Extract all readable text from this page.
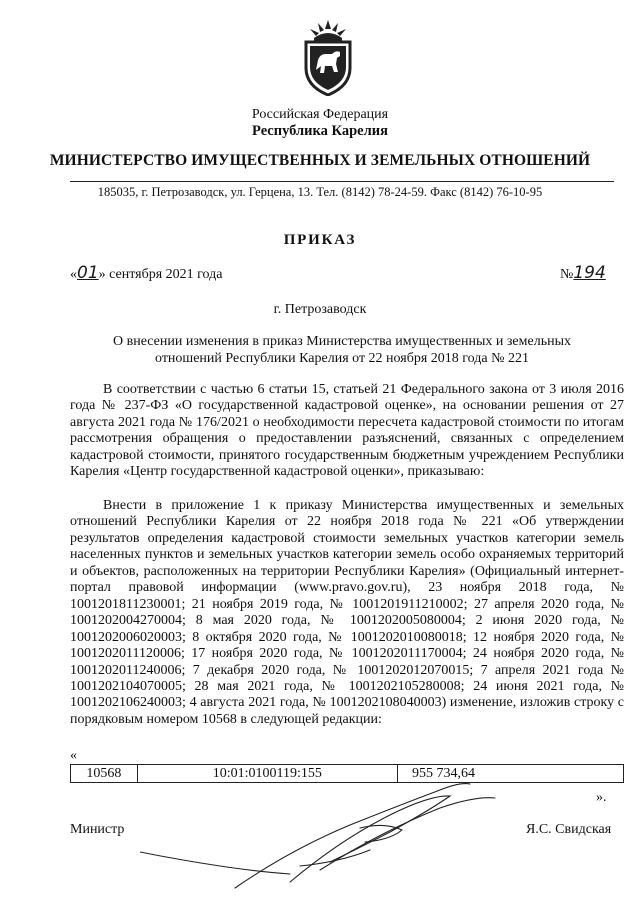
Российская Федерация
Республика Карелия
МИНИСТЕРСТВО ИМУЩЕСТВЕННЫХ И ЗЕМЕЛЬНЫХ ОТНОШЕНИЙ
185035, г. Петрозаводск, ул. Герцена, 13. Тел. (8142) 78-24-59. Факс (8142) 76-10-95
ПРИКАЗ
«01» сентября 2021 года	№194
г. Петрозаводск
О внесении изменения в приказ Министерства имущественных и земельных отношений Республики Карелия от 22 ноября 2018 года № 221
В соответствии с частью 6 статьи 15, статьей 21 Федерального закона от 3 июля 2016 года № 237-ФЗ «О государственной кадастровой оценке», на основании решения от 27 августа 2021 года № 176/2021 о необходимости пересчета кадастровой стоимости по итогам рассмотрения обращения о предоставлении разъяснений, связанных с определением кадастровой стоимости, принятого государственным бюджетным учреждением Республики Карелия «Центр государственной кадастровой оценки», приказываю:
Внести в приложение 1 к приказу Министерства имущественных и земельных отношений Республики Карелия от 22 ноября 2018 года № 221 «Об утверждении результатов определения кадастровой стоимости земельных участков категории земель населенных пунктов и земельных участков категории земель особо охраняемых территорий и объектов, расположенных на территории Республики Карелия» (Официальный интернет-портал правовой информации (www.pravo.gov.ru), 23 ноября 2018 года, № 1001201811230001; 21 ноября 2019 года, № 1001201911210002; 27 апреля 2020 года, № 1001202004270004; 8 мая 2020 года, № 1001202005080004; 2 июня 2020 года, № 1001202006020003; 8 октября 2020 года, № 1001202010080018; 12 ноября 2020 года, № 1001202011120006; 17 ноября 2020 года, № 1001202011170004; 24 ноября 2020 года, № 1001202011240006; 7 декабря 2020 года, № 1001202012070015; 7 апреля 2021 года № 1001202104070005; 28 мая 2021 года, № 1001202105280008; 24 июня 2021 года, № 1001202106240003; 4 августа 2021 года, № 1001202108040003) изменение, изложив строку с порядковым номером 10568 в следующей редакции:
«
10568	10:01:0100119:155	955 734,64
».
Министр	Я.С. Свидская
